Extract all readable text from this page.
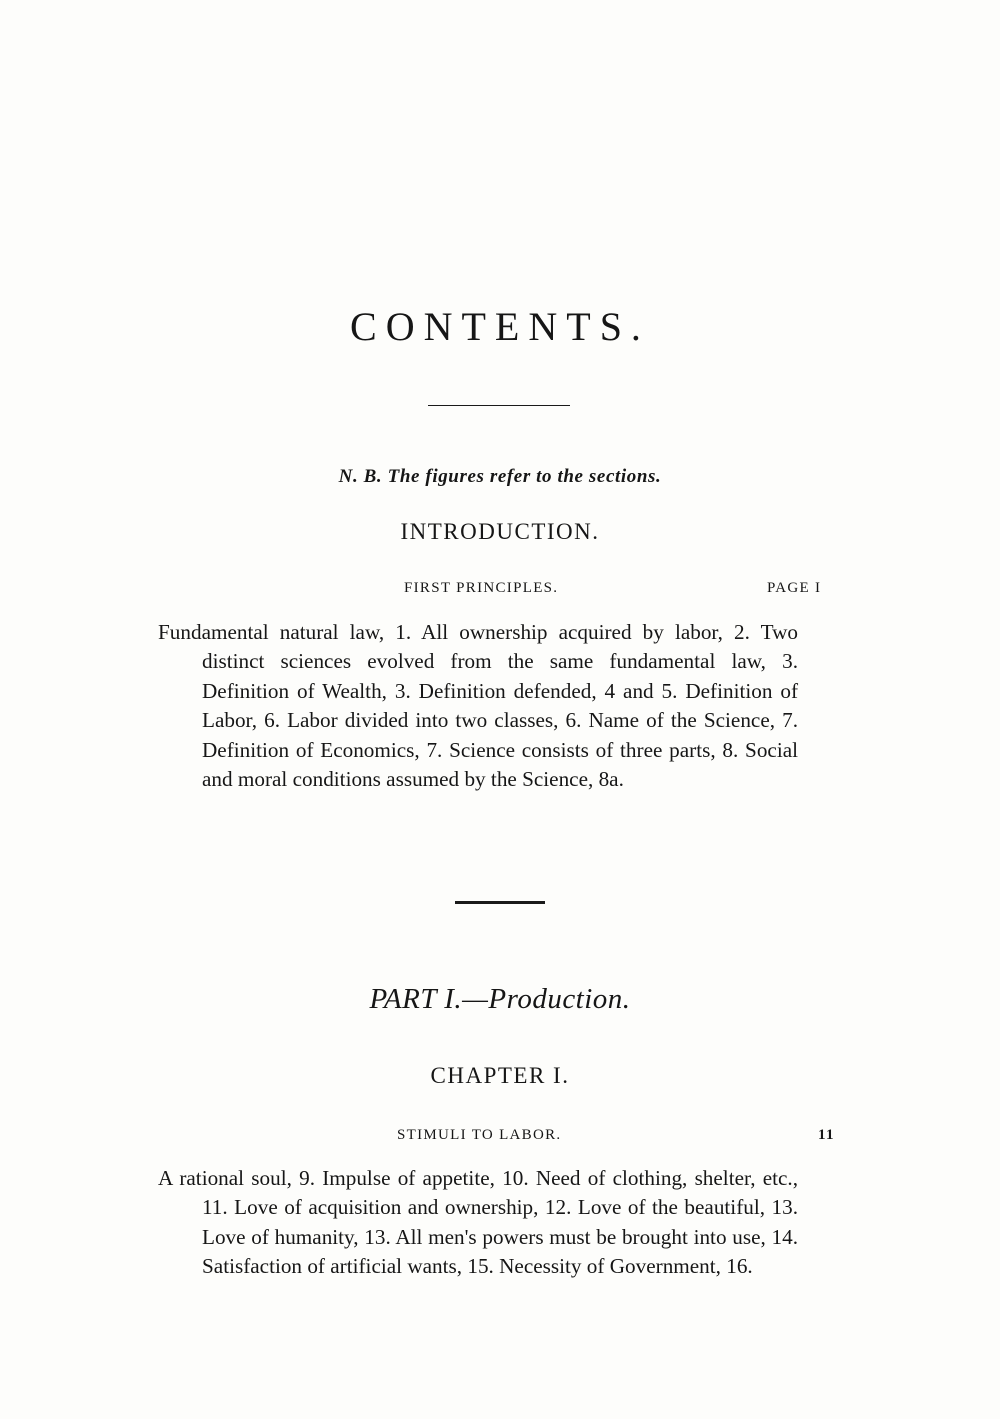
CONTENTS.
N. B. The figures refer to the sections.
INTRODUCTION.
FIRST PRINCIPLES.	PAGE I
Fundamental natural law, 1. All ownership acquired by labor, 2. Two distinct sciences evolved from the same fundamental law, 3. Definition of Wealth, 3. Definition defended, 4 and 5. Definition of Labor, 6. Labor divided into two classes, 6. Name of the Science, 7. Definition of Economics, 7. Science consists of three parts, 8. Social and moral conditions assumed by the Science, 8a.
PART I.—Production.
CHAPTER I.
STIMULI TO LABOR.	11
A rational soul, 9. Impulse of appetite, 10. Need of clothing, shelter, etc., 11. Love of acquisition and ownership, 12. Love of the beautiful, 13. Love of humanity, 13. All men's powers must be brought into use, 14. Satisfaction of artificial wants, 15. Necessity of Government, 16.
